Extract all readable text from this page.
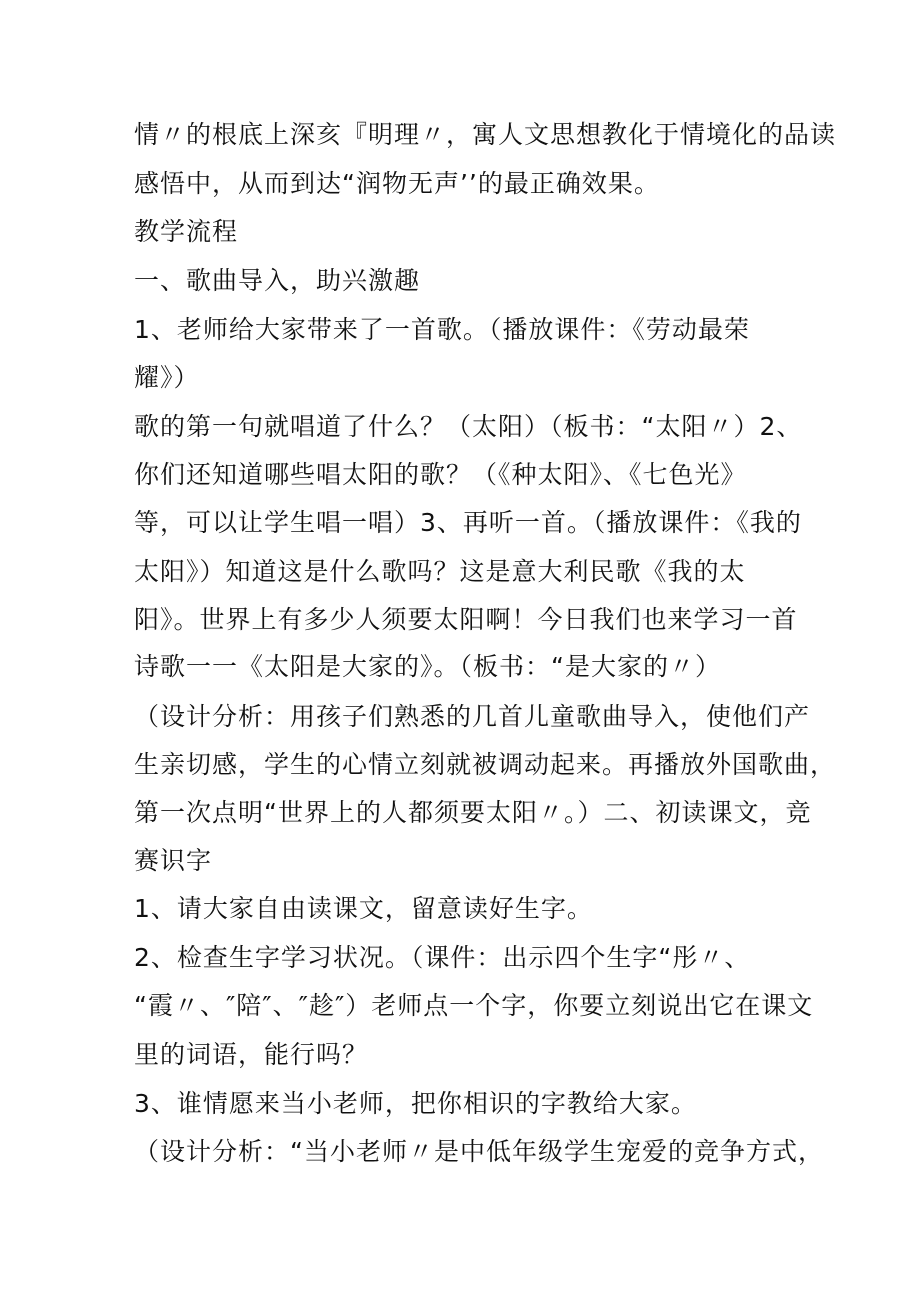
情〃的根底上深亥『明理〃，寓人文思想教化于情境化的品读
感悟中，从而到达“润物无声’’的最正确效果。
教学流程
一、歌曲导入，助兴激趣
1、老师给大家带来了一首歌。（播放课件：《劳动最荣
耀》）
歌的第一句就唱道了什么？（太阳）（板书：“太阳〃）2、
你们还知道哪些唱太阳的歌？（《种太阳》、《七色光》
等，可以让学生唱一唱）3、再听一首。（播放课件：《我的
太阳》）知道这是什么歌吗？这是意大利民歌《我的太
阳》。世界上有多少人须要太阳啊！今日我们也来学习一首
诗歌一一《太阳是大家的》。（板书：“是大家的〃）
（设计分析：用孩子们熟悉的几首儿童歌曲导入，使他们产
生亲切感，学生的心情立刻就被调动起来。再播放外国歌曲，
第一次点明“世界上的人都须要太阳〃。）二、初读课文，竞
赛识字
1、请大家自由读课文，留意读好生字。
2、检查生字学习状况。（课件：出示四个生字“彤〃、
“霞〃、″陪″、″趁″）老师点一个字，你要立刻说出它在课文
里的词语，能行吗？
3、谁情愿来当小老师，把你相识的字教给大家。
（设计分析：“当小老师〃是中低年级学生宠爱的竞争方式，
